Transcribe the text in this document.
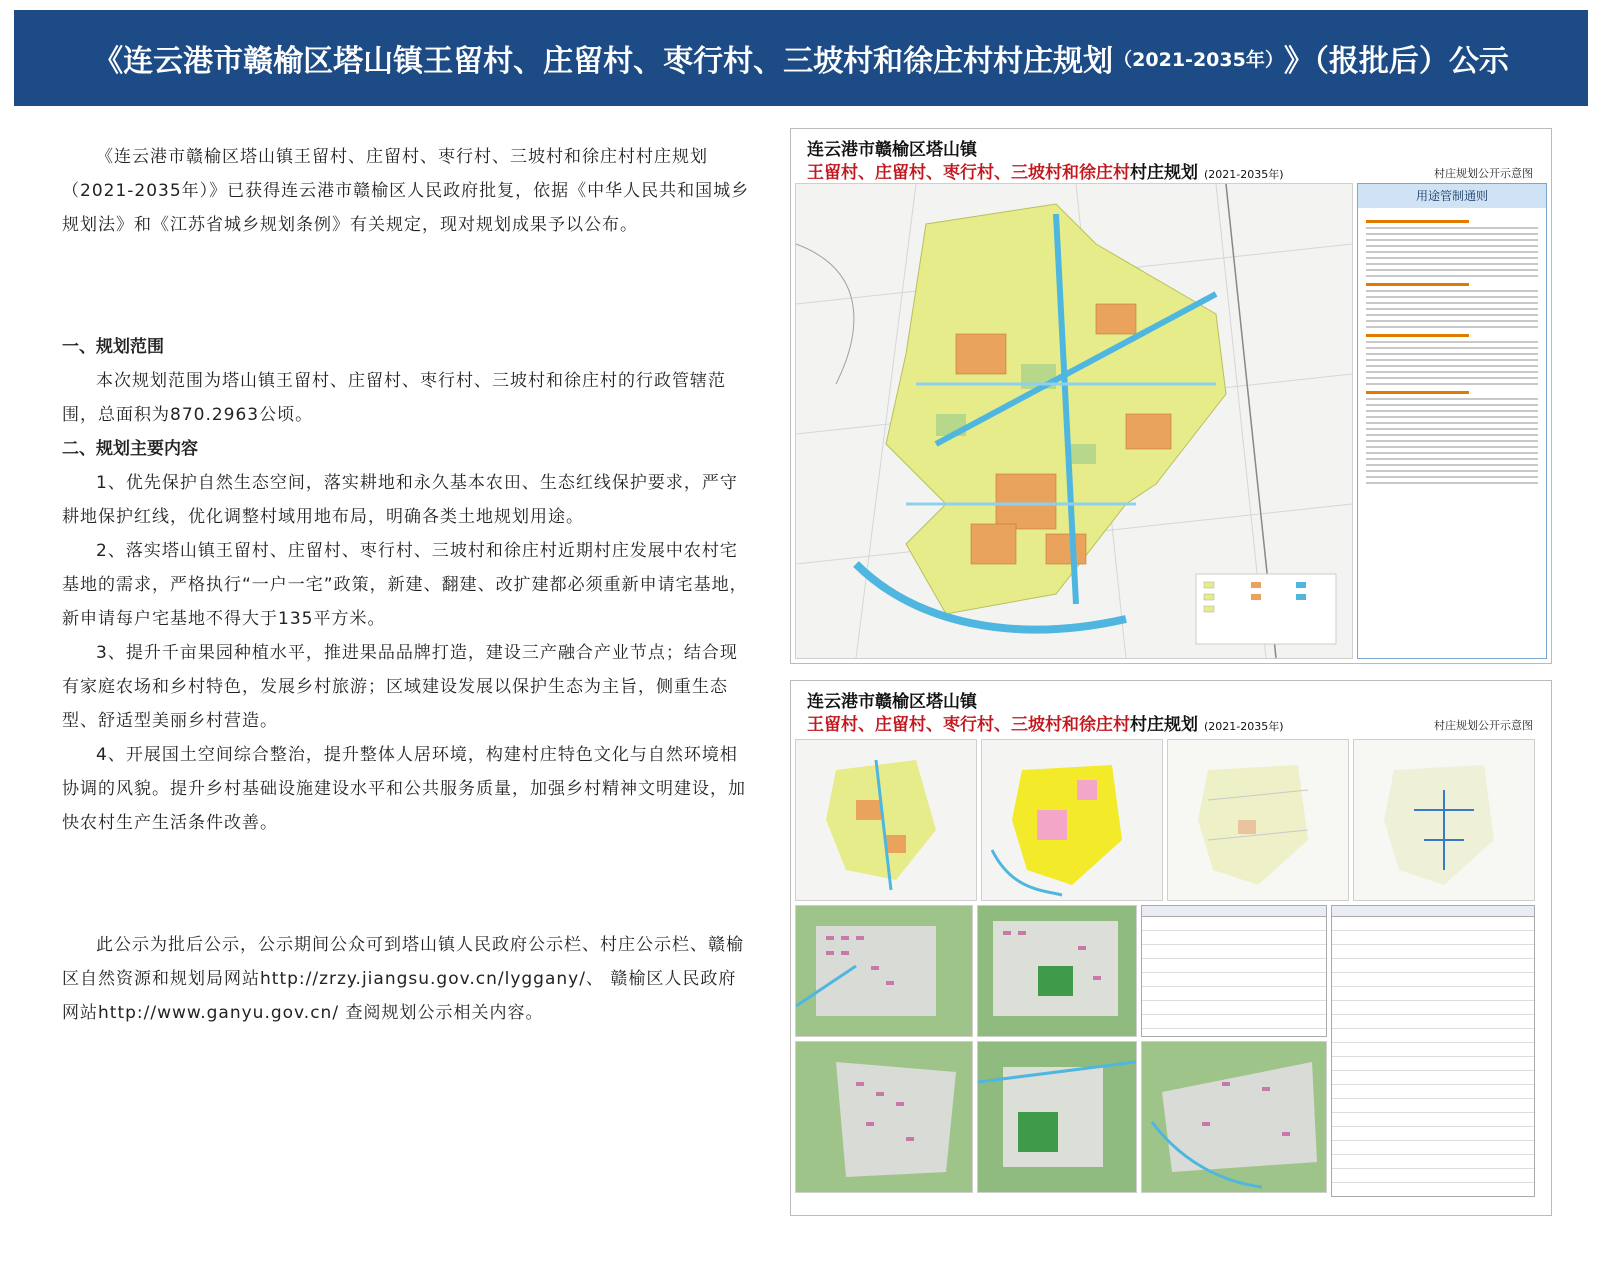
《连云港市赣榆区塔山镇王留村、庄留村、枣行村、三坡村和徐庄村村庄规划 （2021-2035年） 》（报批后）公示

《连云港市赣榆区塔山镇王留村、庄留村、枣行村、三坡村和徐庄村村庄规划（2021-2035年）》已获得连云港市赣榆区人民政府批复，依据《中华人民共和国城乡规划法》和《江苏省城乡规划条例》有关规定，现对规划成果予以公布。

一、规划范围

本次规划范围为塔山镇王留村、庄留村、枣行村、三坡村和徐庄村的行政管辖范围，总面积为870.2963公顷。

二、规划主要内容

1、优先保护自然生态空间，落实耕地和永久基本农田、生态红线保护要求，严守耕地保护红线，优化调整村域用地布局，明确各类土地规划用途。

2、落实塔山镇王留村、庄留村、枣行村、三坡村和徐庄村近期村庄发展中农村宅基地的需求，严格执行“一户一宅”政策，新建、翻建、改扩建都必须重新申请宅基地，新申请每户宅基地不得大于135平方米。

3、提升千亩果园种植水平，推进果品品牌打造，建设三产融合产业节点；结合现有家庭农场和乡村特色，发展乡村旅游；区域建设发展以保护生态为主旨，侧重生态型、舒适型美丽乡村营造。

4、开展国土空间综合整治，提升整体人居环境，构建村庄特色文化与自然环境相协调的风貌。提升乡村基础设施建设水平和公共服务质量，加强乡村精神文明建设，加快农村生产生活条件改善。

此公示为批后公示，公示期间公众可到塔山镇人民政府公示栏、村庄公示栏、赣榆区自然资源和规划局网站http://zrzy.jiangsu.gov.cn/lygganу/、 赣榆区人民政府网站http://www.ganyu.gov.cn/ 查阅规划公示相关内容。

连云港市赣榆区塔山镇
王留村、庄留村、枣行村、三坡村和徐庄村村庄规划 (2021-2035年)	村庄规划公开示意图
用途管制通则
连云港市赣榆区塔山镇
王留村、庄留村、枣行村、三坡村和徐庄村村庄规划 (2021-2035年)	村庄规划公开示意图
